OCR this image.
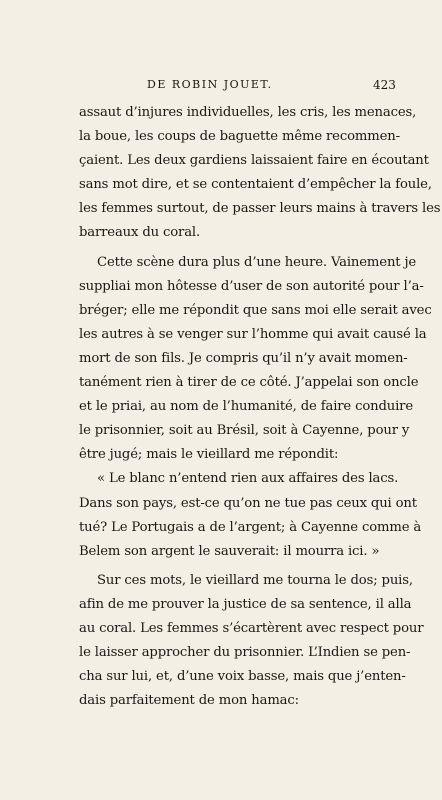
DE ROBIN JOUET.	423
assaut d’injures individuelles, les cris, les menaces,
la boue, les coups de baguette même recommen-
çaient. Les deux gardiens laissaient faire en écoutant
sans mot dire, et se contentaient d’empêcher la foule,
les femmes surtout, de passer leurs mains à travers les
barreaux du coral.
Cette scène dura plus d’une heure. Vainement je
suppliai mon hôtesse d’user de son autorité pour l’a-
bréger; elle me répondit que sans moi elle serait avec
les autres à se venger sur l’homme qui avait causé la
mort de son fils. Je compris qu’il n’y avait momen-
tanément rien à tirer de ce côté. J’appelai son oncle
et le priai, au nom de l’humanité, de faire conduire
le prisonnier, soit au Brésil, soit à Cayenne, pour y
être jugé; mais le vieillard me répondit:
« Le blanc n’entend rien aux affaires des lacs.
Dans son pays, est-ce qu’on ne tue pas ceux qui ont
tué? Le Portugais a de l’argent; à Cayenne comme à
Belem son argent le sauverait: il mourra ici. »
Sur ces mots, le vieillard me tourna le dos; puis,
afin de me prouver la justice de sa sentence, il alla
au coral. Les femmes s’écartèrent avec respect pour
le laisser approcher du prisonnier. L’Indien se pen-
cha sur lui, et, d’une voix basse, mais que j’enten-
dais parfaitement de mon hamac:
